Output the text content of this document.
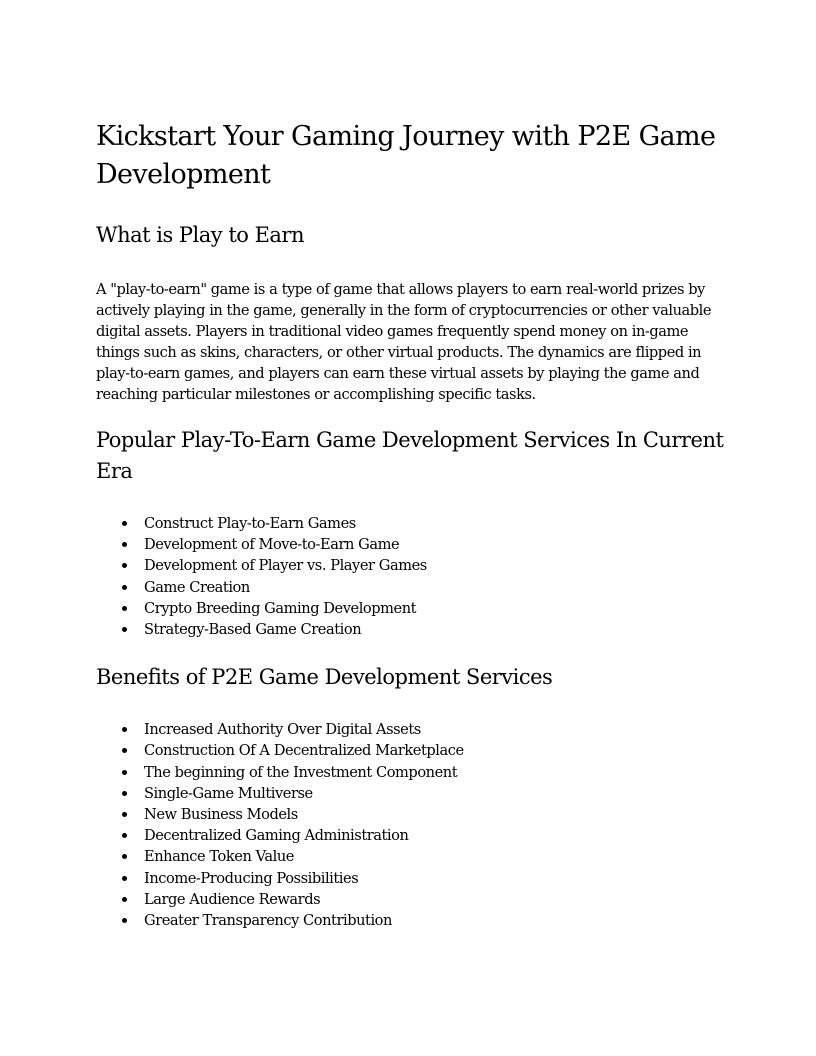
Kickstart Your Gaming Journey with P2E Game Development
What is Play to Earn

A "play-to-earn" game is a type of game that allows players to earn real-world prizes by actively playing in the game, generally in the form of cryptocurrencies or other valuable digital assets. Players in traditional video games frequently spend money on in-game things such as skins, characters, or other virtual products. The dynamics are flipped in play-to-earn games, and players can earn these virtual assets by playing the game and reaching particular milestones or accomplishing specific tasks.

Popular Play-To-Earn Game Development Services In Current Era
Construct Play-to-Earn Games
Development of Move-to-Earn Game
Development of Player vs. Player Games
Game Creation
Crypto Breeding Gaming Development
Strategy-Based Game Creation
Benefits of P2E Game Development Services
Increased Authority Over Digital Assets
Construction Of A Decentralized Marketplace
The beginning of the Investment Component
Single-Game Multiverse
New Business Models
Decentralized Gaming Administration
Enhance Token Value
Income-Producing Possibilities
Large Audience Rewards
Greater Transparency Contribution
